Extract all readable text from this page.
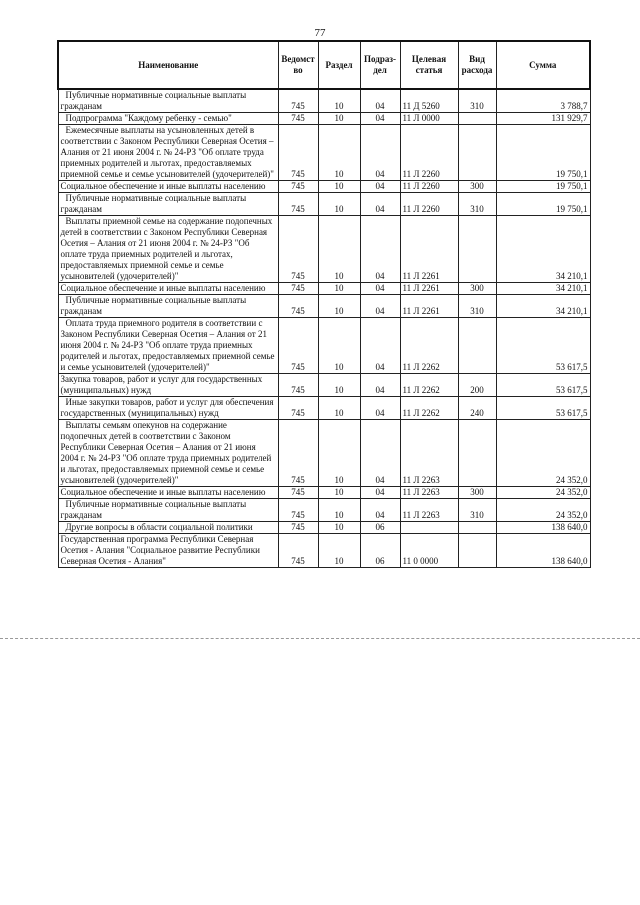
77
Наименование	Ведомст во	Раздел	Подраз- дел	Целевая статья	Вид расхода	Сумма
Публичные нормативные социальные выплаты гражданам	745	10	04	11 Д 5260	310	3 788,7
Подпрограмма "Каждому ребенку - семью"	745	10	04	11 Л 0000		131 929,7
Ежемесячные выплаты на усыновленных детей в соответствии с Законом Республики Северная Осетия – Алания от 21 июня 2004 г. № 24-РЗ "Об оплате труда приемных родителей и льготах, предоставляемых приемной семье и семье усыновителей (удочерителей)"	745	10	04	11 Л 2260		19 750,1
Социальное обеспечение и иные выплаты населению	745	10	04	11 Л 2260	300	19 750,1
Публичные нормативные социальные выплаты гражданам	745	10	04	11 Л 2260	310	19 750,1
Выплаты приемной семье на содержание подопечных детей в соответствии с Законом Республики Северная Осетия – Алания от 21 июня 2004 г. № 24-РЗ "Об оплате труда приемных родителей и льготах, предоставляемых приемной семье и семье усыновителей (удочерителей)"	745	10	04	11 Л 2261		34 210,1
Социальное обеспечение и иные выплаты населению	745	10	04	11 Л 2261	300	34 210,1
Публичные нормативные социальные выплаты гражданам	745	10	04	11 Л 2261	310	34 210,1
Оплата труда приемного родителя в соответствии с Законом Республики Северная Осетия – Алания от 21 июня 2004 г. № 24-РЗ "Об оплате труда приемных родителей и льготах, предоставляемых приемной семье и семье усыновителей (удочерителей)"	745	10	04	11 Л 2262		53 617,5
Закупка товаров, работ и услуг для государственных (муниципальных) нужд	745	10	04	11 Л 2262	200	53 617,5
Иные закупки товаров, работ и услуг для обеспечения государственных (муниципальных) нужд	745	10	04	11 Л 2262	240	53 617,5
Выплаты семьям опекунов на содержание подопечных детей в соответствии с Законом Республики Северная Осетия – Алания от 21 июня 2004 г. № 24-РЗ "Об оплате труда приемных родителей и льготах, предоставляемых приемной семье и семье усыновителей (удочерителей)"	745	10	04	11 Л 2263		24 352,0
Социальное обеспечение и иные выплаты населению	745	10	04	11 Л 2263	300	24 352,0
Публичные нормативные социальные выплаты гражданам	745	10	04	11 Л 2263	310	24 352,0
Другие вопросы в области социальной политики	745	10	06			138 640,0
Государственная программа Республики Северная Осетия - Алания "Социальное развитие Республики Северная Осетия - Алания"	745	10	06	11 0 0000		138 640,0
